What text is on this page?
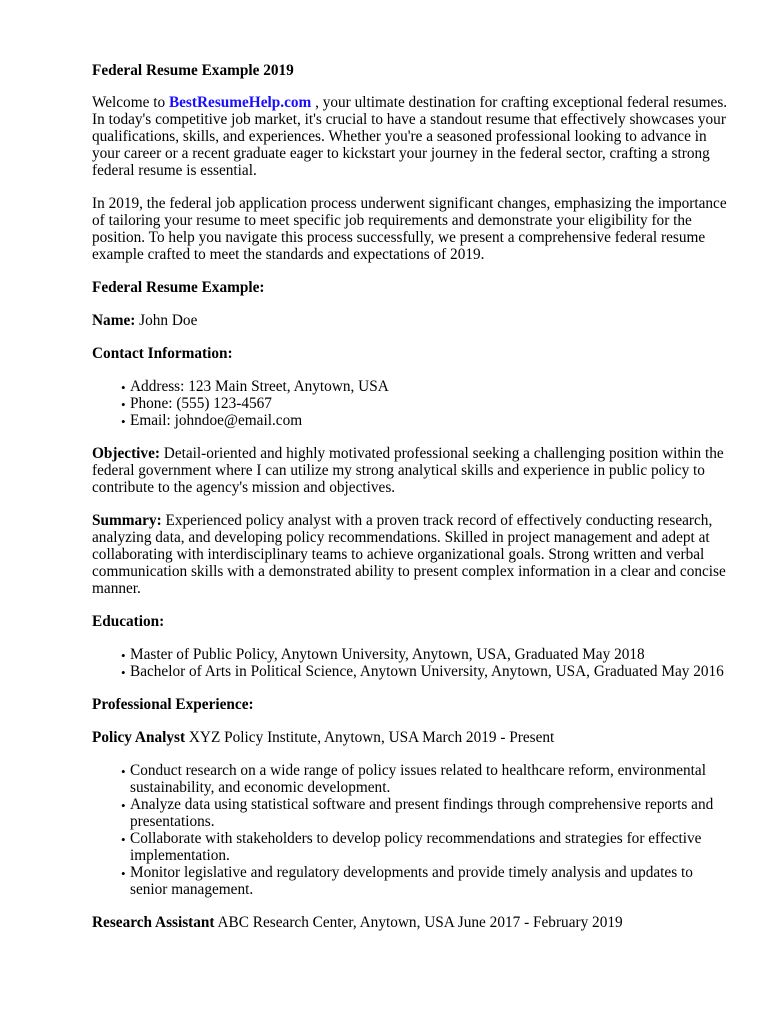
Federal Resume Example 2019

Welcome to BestResumeHelp.com , your ultimate destination for crafting exceptional federal resumes. In today's competitive job market, it's crucial to have a standout resume that effectively showcases your qualifications, skills, and experiences. Whether you're a seasoned professional looking to advance in your career or a recent graduate eager to kickstart your journey in the federal sector, crafting a strong federal resume is essential.

In 2019, the federal job application process underwent significant changes, emphasizing the importance of tailoring your resume to meet specific job requirements and demonstrate your eligibility for the position. To help you navigate this process successfully, we present a comprehensive federal resume example crafted to meet the standards and expectations of 2019.

Federal Resume Example:

Name: John Doe

Contact Information:
• Address: 123 Main Street, Anytown, USA
• Phone: (555) 123-4567
• Email: johndoe@email.com

Objective: Detail-oriented and highly motivated professional seeking a challenging position within the federal government where I can utilize my strong analytical skills and experience in public policy to contribute to the agency's mission and objectives.

Summary: Experienced policy analyst with a proven track record of effectively conducting research, analyzing data, and developing policy recommendations. Skilled in project management and adept at collaborating with interdisciplinary teams to achieve organizational goals. Strong written and verbal communication skills with a demonstrated ability to present complex information in a clear and concise manner.

Education:
• Master of Public Policy, Anytown University, Anytown, USA, Graduated May 2018
• Bachelor of Arts in Political Science, Anytown University, Anytown, USA, Graduated May 2016
Professional Experience:

Policy Analyst XYZ Policy Institute, Anytown, USA March 2019 - Present

• Conduct research on a wide range of policy issues related to healthcare reform, environmental sustainability, and economic development.
• Analyze data using statistical software and present findings through comprehensive reports and presentations.
• Collaborate with stakeholders to develop policy recommendations and strategies for effective implementation.
• Monitor legislative and regulatory developments and provide timely analysis and updates to senior management.

Research Assistant ABC Research Center, Anytown, USA June 2017 - February 2019
